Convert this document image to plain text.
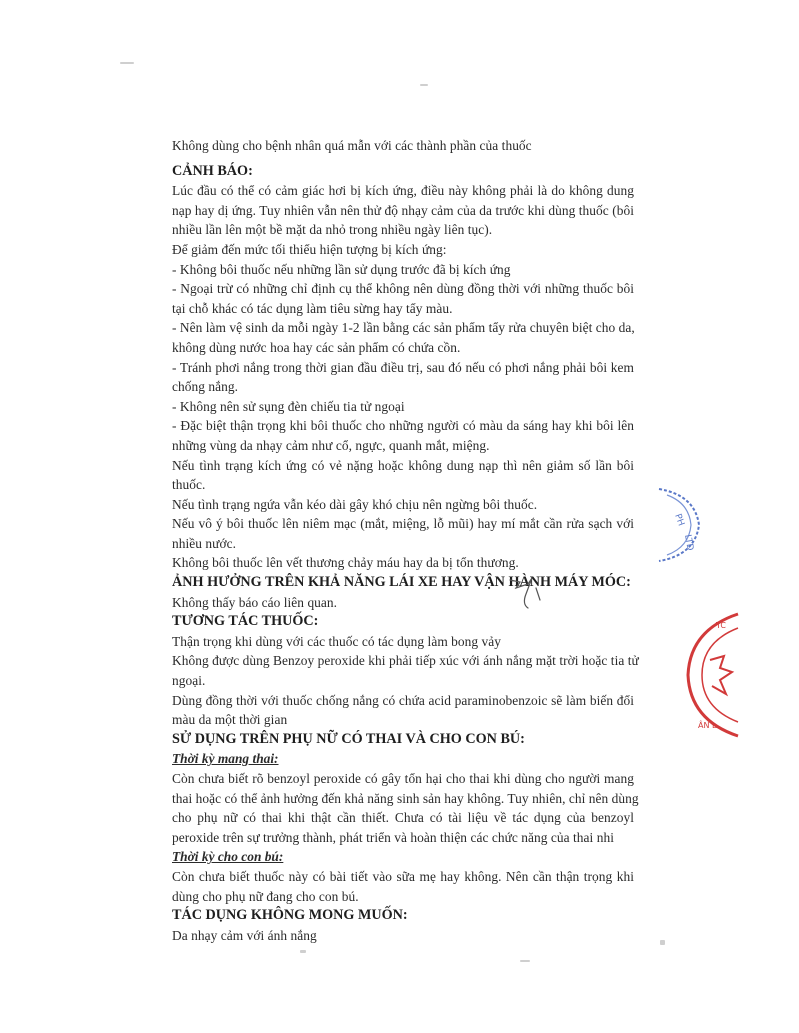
Không dùng cho bệnh nhân quá mẫn với các thành phần của thuốc

CẢNH BÁO:

Lúc đầu có thể có cảm giác hơi bị kích ứng, điều này không phải là do không dung

nạp hay dị ứng. Tuy nhiên vẫn nên thử độ nhạy cảm của da trước khi dùng thuốc (bôi

nhiều lần lên một bề mặt da nhỏ trong nhiều ngày liên tục).

Để giảm đến mức tối thiểu hiện tượng bị kích ứng:

- Không bôi thuốc nếu những lần sử dụng trước đã bị kích ứng

- Ngoại trừ có những chỉ định cụ thể không nên dùng đồng thời với những thuốc bôi

tại chỗ khác có tác dụng làm tiêu sừng hay tẩy màu.

- Nên làm vệ sinh da mỗi ngày 1-2 lần bằng các sản phẩm tẩy rửa chuyên biệt cho da,

không dùng nước hoa hay các sản phẩm có chứa cồn.

- Tránh phơi nắng trong thời gian đầu điều trị, sau đó nếu có phơi nắng phải bôi kem

chống nắng.

- Không nên sử sụng đèn chiếu tia tử ngoại

- Đặc biệt thận trọng khi bôi thuốc cho những người có màu da sáng hay khi bôi lên

những vùng da nhạy cảm như cổ, ngực, quanh mắt, miệng.

Nếu tình trạng kích ứng có vẻ nặng hoặc không dung nạp thì nên giảm số lần bôi

thuốc.

Nếu tình trạng ngứa vẫn kéo dài gây khó chịu nên ngừng bôi thuốc.

Nếu vô ý bôi thuốc lên niêm mạc (mắt, miệng, lỗ mũi) hay mí mắt cần rửa sạch với

nhiều nước.

Không bôi thuốc lên vết thương chảy máu hay da bị tổn thương.

ẢNH HƯỞNG TRÊN KHẢ NĂNG LÁI XE HAY VẬN HÀNH MÁY MÓC:

Không thấy báo cáo liên quan.

TƯƠNG TÁC THUỐC:

Thận trọng khi dùng với các thuốc có tác dụng làm bong vảy

Không được dùng Benzoy peroxide khi phải tiếp xúc với ánh nắng mặt trời hoặc tia tử

ngoại.

Dùng đồng thời với thuốc chống nắng có chứa acid paraminobenzoic sẽ làm biến đổi

màu da một thời gian

SỬ DỤNG TRÊN PHỤ NỮ CÓ THAI VÀ CHO CON BÚ:

Thời kỳ mang thai:

Còn chưa biết rõ benzoyl peroxide có gây tổn hại cho thai khi dùng cho người mang

thai hoặc có thể ảnh hưởng đến khả năng sinh sản hay không. Tuy nhiên, chỉ nên dùng

cho phụ nữ có thai khi thật cần thiết. Chưa có tài liệu về tác dụng của benzoyl

peroxide trên sự trưởng thành, phát triển và hoàn thiện các chức năng của thai nhi

Thời kỳ cho con bú:

Còn chưa biết thuốc này có bài tiết vào sữa mẹ hay không. Nên cần thận trọng khi

dùng cho phụ nữ đang cho con bú.

TÁC DỤNG KHÔNG MONG MUỐN:

Da nhạy cảm với ánh nắng

PH
LTD
TC
ÂN L
